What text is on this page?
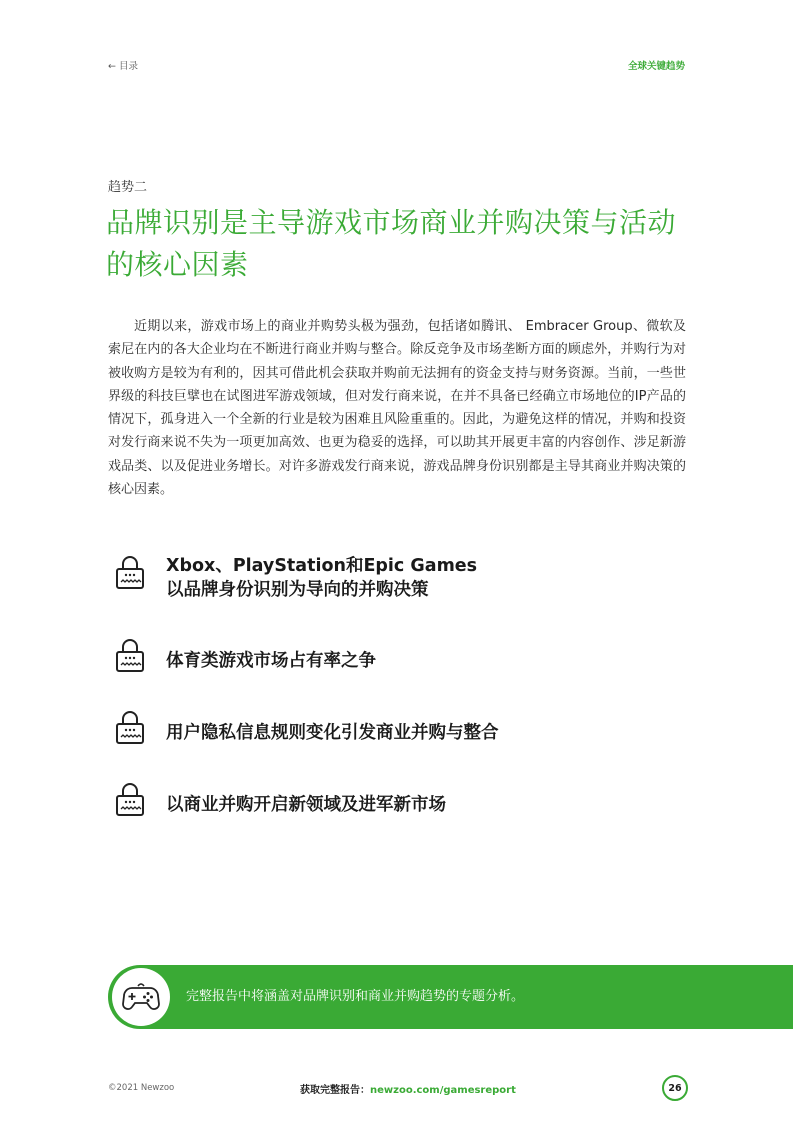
← 目录	全球关键趋势
趋势二
品牌识别是主导游戏市场商业并购决策与活动
的核心因素

近期以来，游戏市场上的商业并购势头极为强劲，包括诸如腾讯、 Embracer Group、微软及索尼在内的各大企业均在不断进行商业并购与整合。除反竞争及市场垄断方面的顾虑外，并购行为对被收购方是较为有利的，因其可借此机会获取并购前无法拥有的资金支持与财务资源。当前，一些世界级的科技巨擘也在试图进军游戏领域，但对发行商来说，在并不具备已经确立市场地位的IP产品的情况下，孤身进入一个全新的行业是较为困难且风险重重的。因此，为避免这样的情况，并购和投资对发行商来说不失为一项更加高效、也更为稳妥的选择，可以助其开展更丰富的内容创作、涉足新游戏品类、以及促进业务增长。对许多游戏发行商来说，游戏品牌身份识别都是主导其商业并购决策的核心因素。

Xbox、PlayStation和Epic Games
以品牌身份识别为导向的并购决策
体育类游戏市场占有率之争
用户隐私信息规则变化引发商业并购与整合
以商业并购开启新领域及进军新市场
完整报告中将涵盖对品牌识别和商业并购趋势的专题分析。
©2021 Newzoo	获取完整报告：newzoo.com/gamesreport	26
